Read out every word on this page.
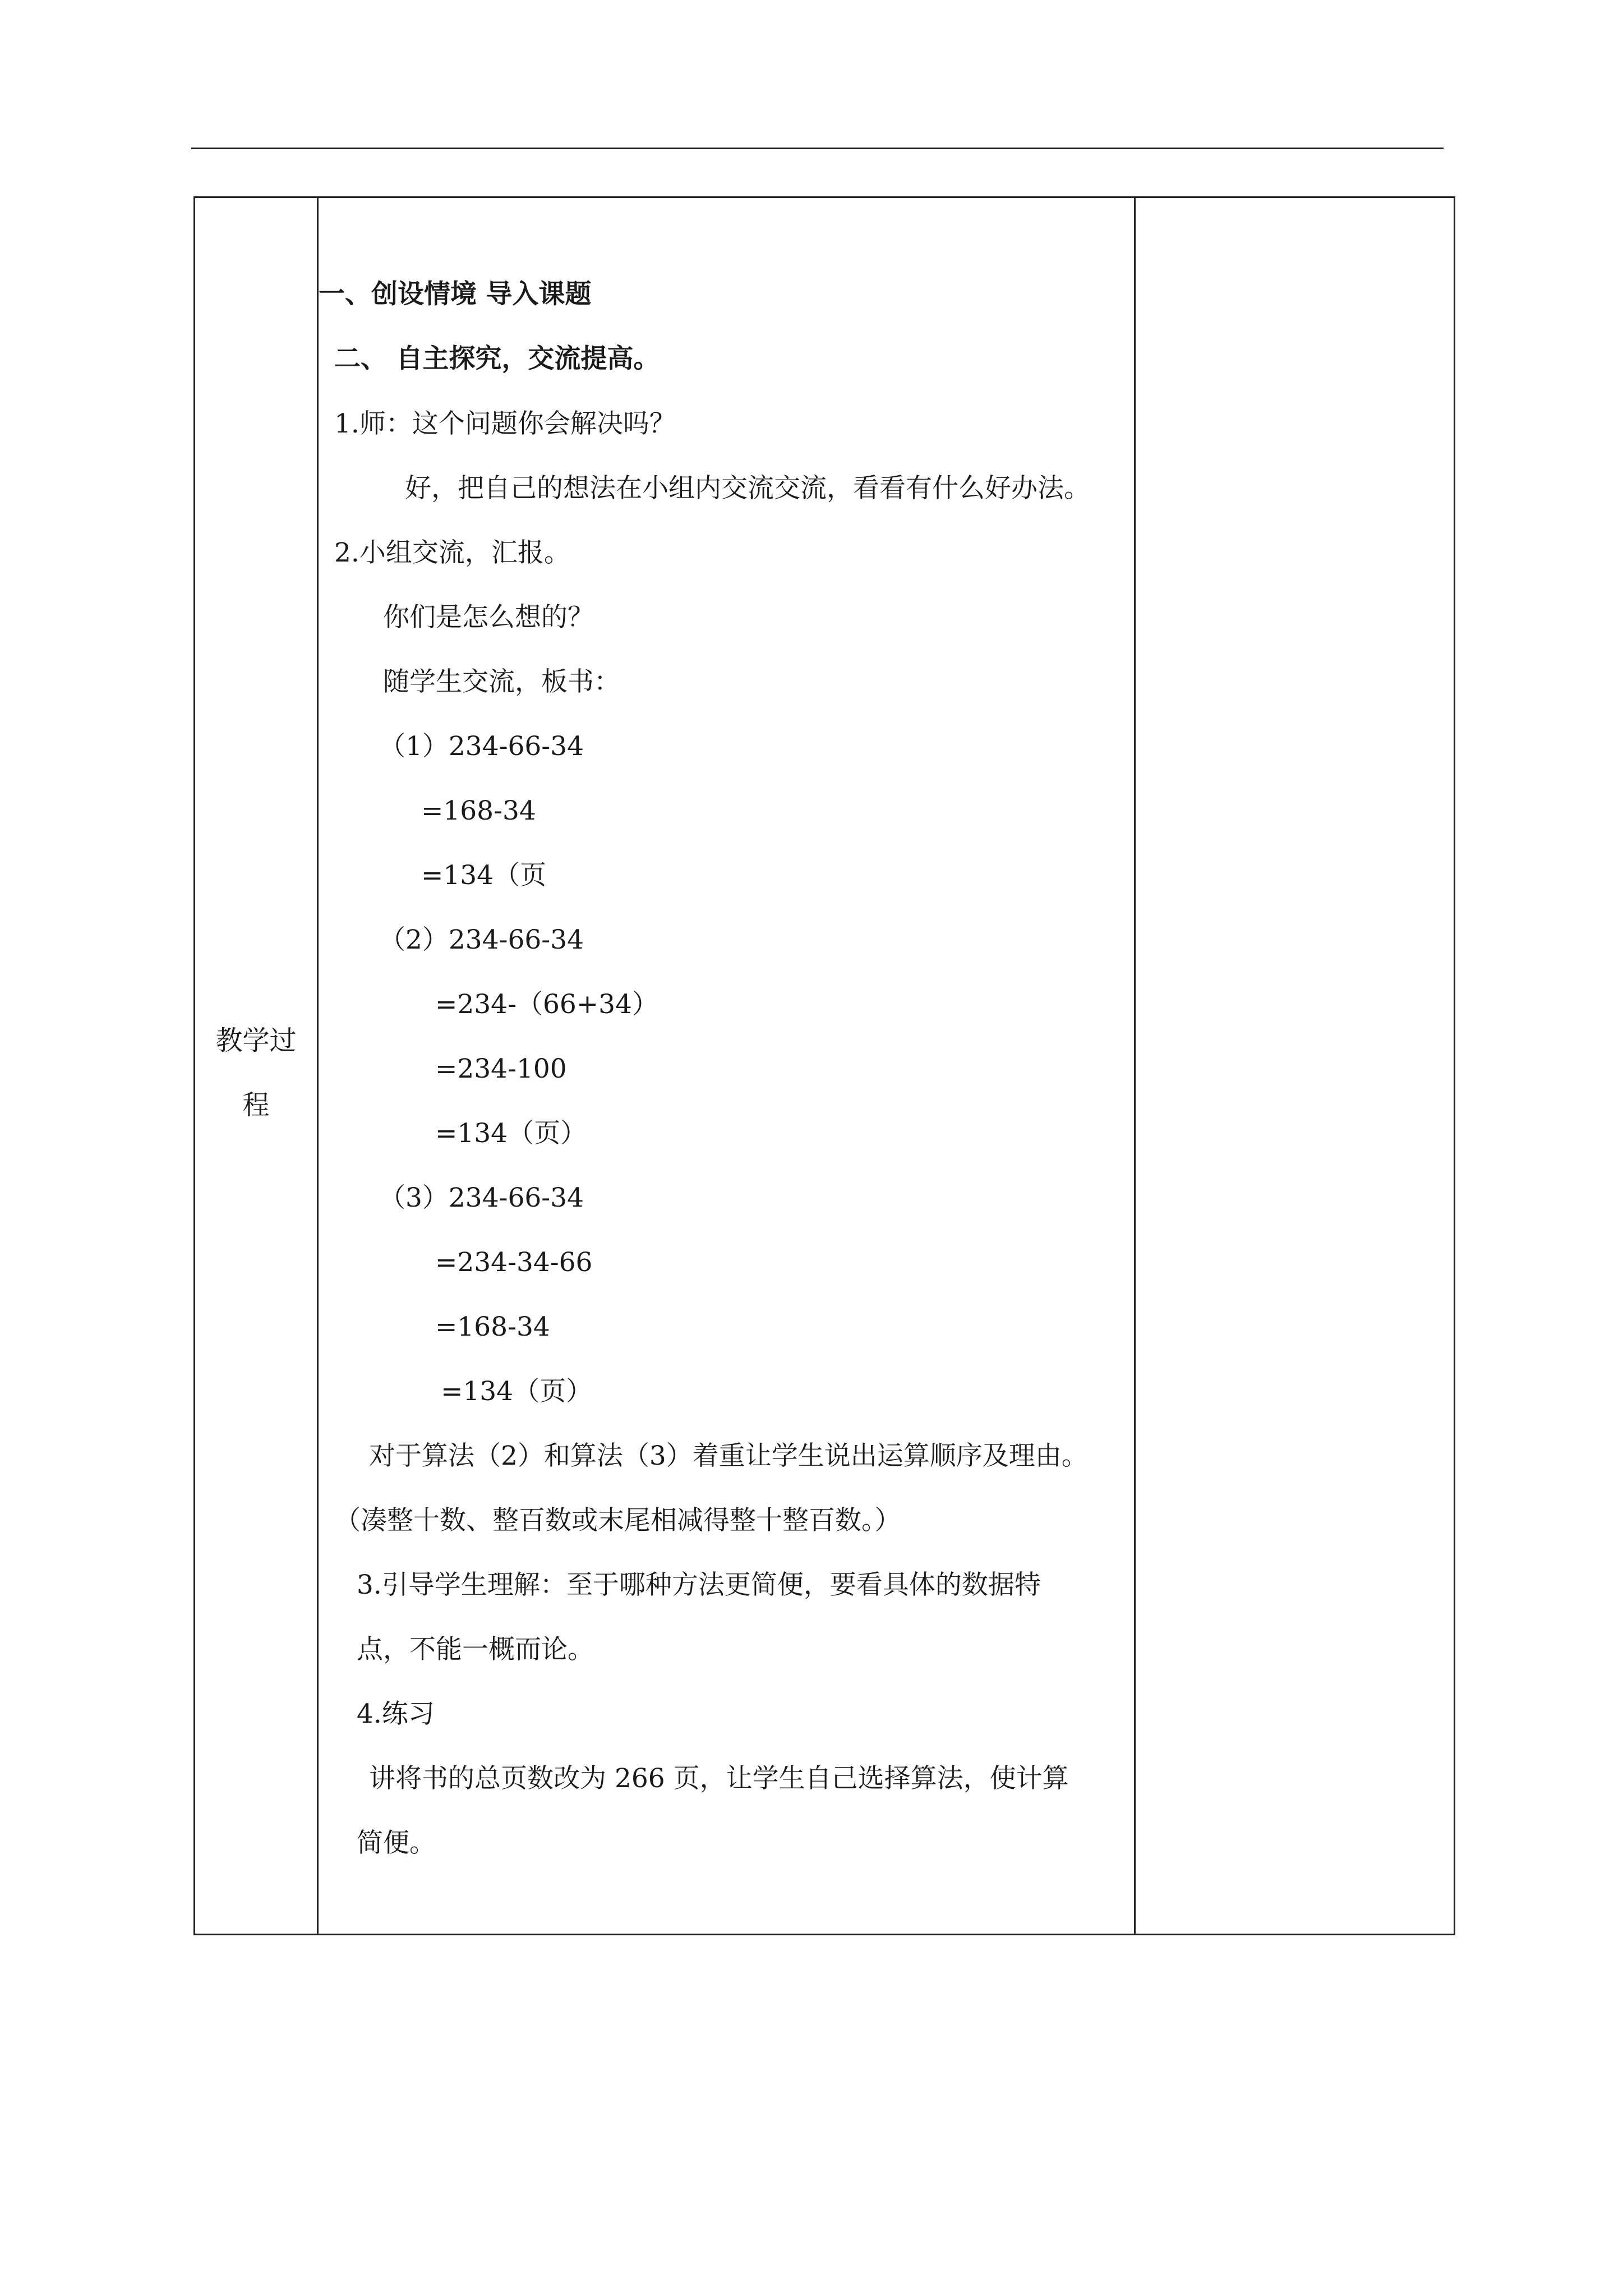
教学过
程
一、创设情境 导入课题
二、 自主探究，交流提高。
1.师：这个问题你会解决吗？
好，把自己的想法在小组内交流交流，看看有什么好办法。
2.小组交流，汇报。
你们是怎么想的？
随学生交流，板书：
（1）234-66-34
=168-34
=134（页
（2）234-66-34
=234-（66+34）
=234-100
=134（页）
（3）234-66-34
=234-34-66
=168-34
=134（页）
对于算法（2）和算法（3）着重让学生说出运算顺序及理由。
（凑整十数、整百数或末尾相减得整十整百数。）
3.引导学生理解：至于哪种方法更简便，要看具体的数据特
点，不能一概而论。
4.练习
讲将书的总页数改为 266 页，让学生自己选择算法，使计算
简便。
